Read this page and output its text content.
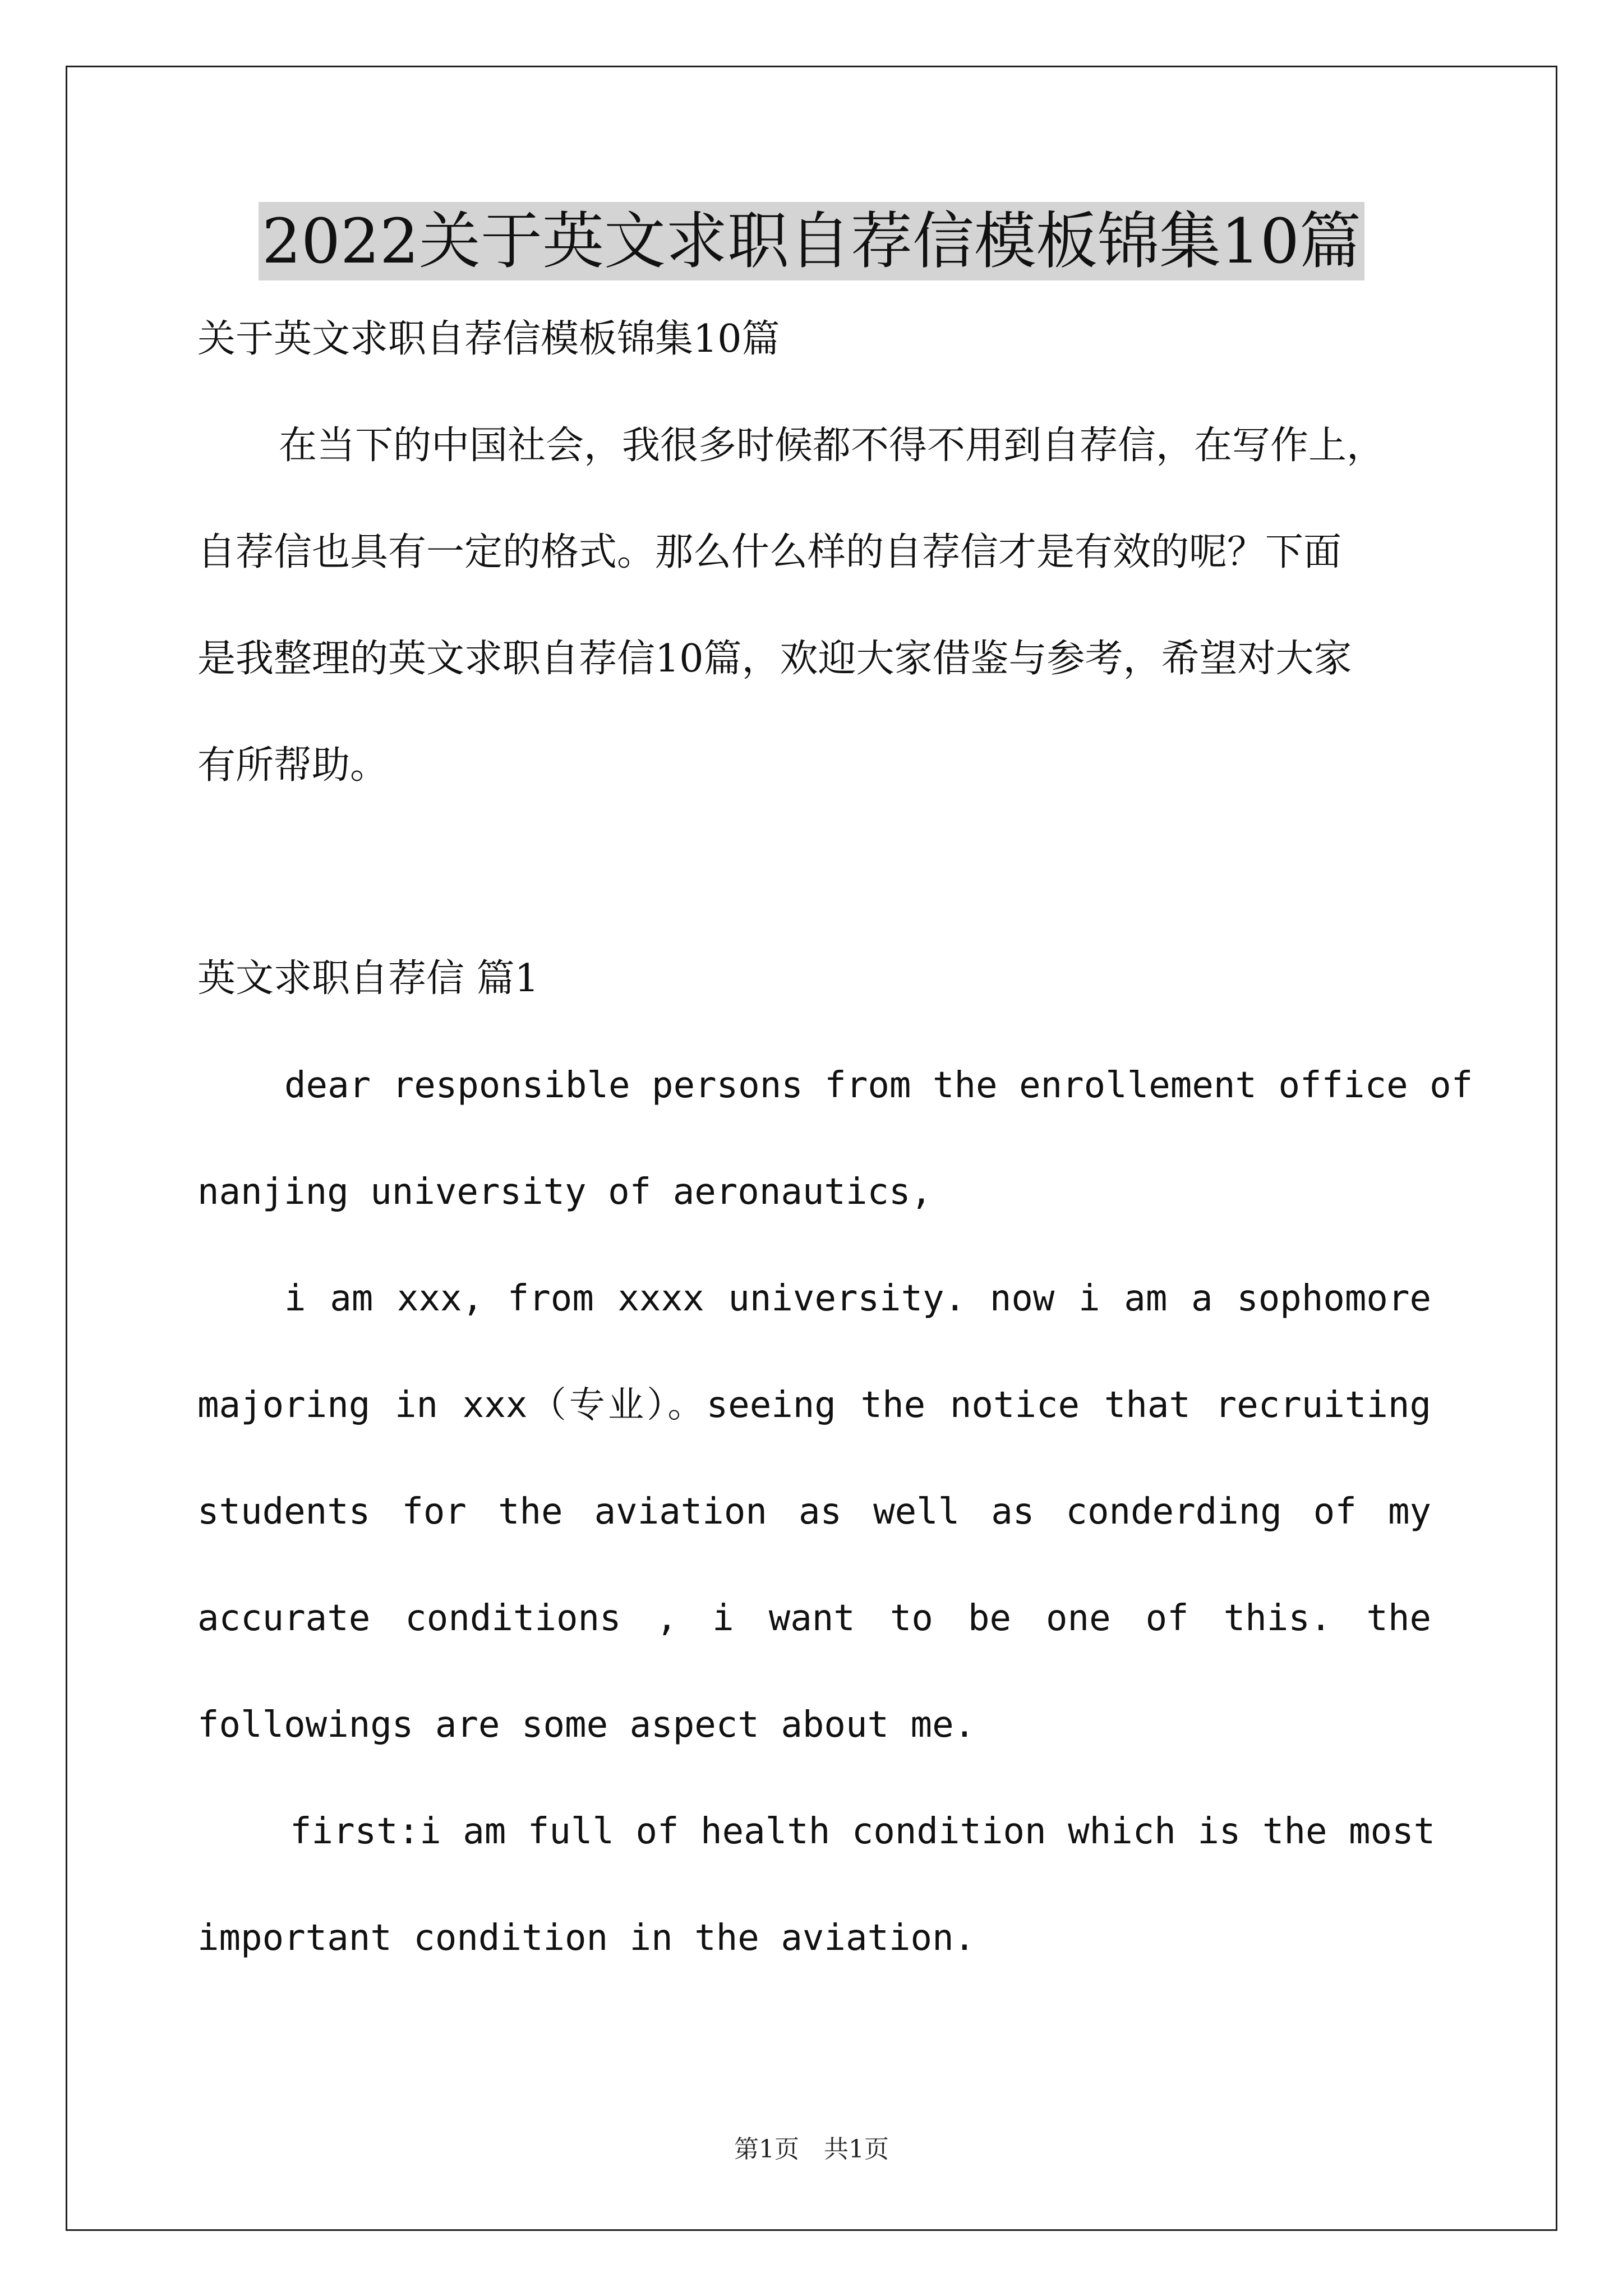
2022关于英文求职自荐信模板锦集10篇
关于英文求职自荐信模板锦集10篇
在当下的中国社会，我很多时候都不得不用到自荐信，在写作上，
自荐信也具有一定的格式。那么什么样的自荐信才是有效的呢？下面
是我整理的英文求职自荐信10篇，欢迎大家借鉴与参考，希望对大家
有所帮助。
英文求职自荐信 篇1
dear responsible persons from the enrollement office of
nanjing university of aeronautics,
i am xxx, from xxxx university. now i am a sophomore
majoring in xxx（专业）。seeing the notice that recruiting
students for the aviation as well as conderding of my
accurate conditions , i want to be one of this. the
followings are some aspect about me.
first:i am full of health condition which is the most
important condition in the aviation.
第1页　共1页
